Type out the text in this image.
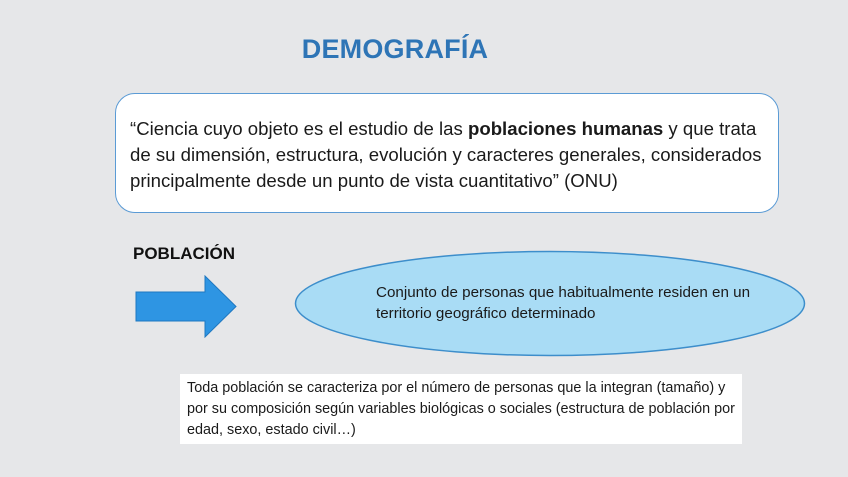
DEMOGRAFÍA
“Ciencia cuyo objeto es el estudio de las poblaciones humanas y que trata de su dimensión, estructura, evolución y caracteres generales, considerados principalmente desde un punto de vista cuantitativo” (ONU)
POBLACIÓN
Conjunto de personas que habitualmente residen en un territorio geográfico determinado
Toda población se caracteriza por el número de personas que la integran (tamaño) y por su composición según variables biológicas o sociales (estructura de población por edad, sexo, estado civil…)
